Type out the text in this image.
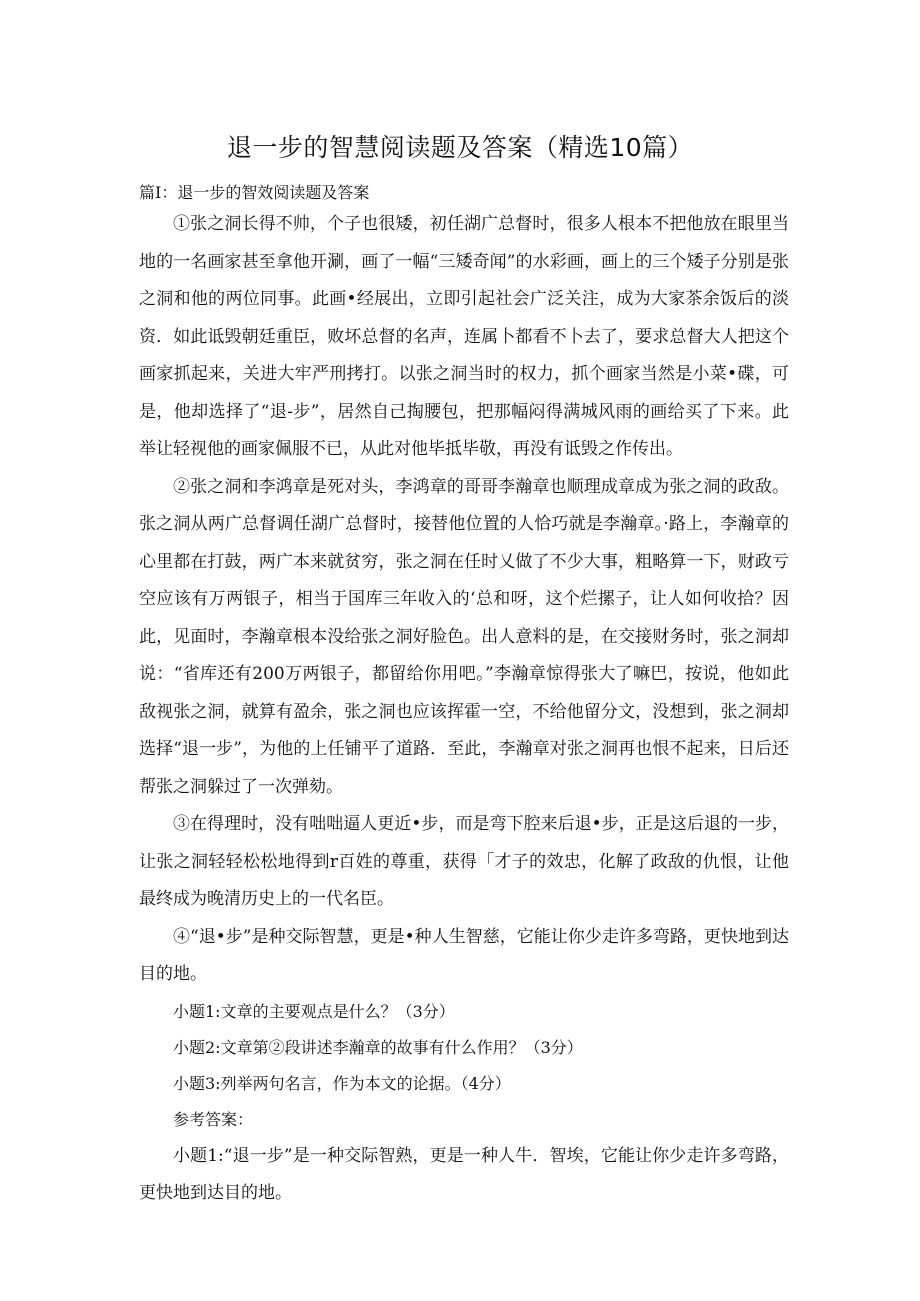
退一步的智慧阅读题及答案（精选10篇）
篇I：退一步的智效阅读题及答案

①张之洞长得不帅，个子也很矮，初任湖广总督时，很多人根本不把他放在眼里当地的一名画家甚至拿他开涮，画了一幅“三矮奇闻”的水彩画，画上的三个矮子分别是张之洞和他的两位同事。此画•经展出，立即引起社会广泛关注，成为大家茶余饭后的淡资．如此诋毁朝廷重臣，败坏总督的名声，连属卜都看不卜去了，要求总督大人把这个画家抓起来，关进大牢严刑拷打。以张之洞当时的权力，抓个画家当然是小菜•碟，可是，他却选择了“退-步”，居然自己掏腰包，把那幅闷得满城风雨的画给买了下来。此举让轻视他的画家佩服不已，从此对他毕抵毕敬，再没有诋毁之作传出。

②张之洞和李鸿章是死对头，李鸿章的哥哥李瀚章也顺理成章成为张之洞的政敌。张之洞从两广总督调任湖广总督时，接替他位置的人恰巧就是李瀚章。·路上，李瀚章的心里都在打鼓，两广本来就贫穷，张之洞在任时乂做了不少大事，粗略算一下，财政亏空应该有万两银子，相当于国库三年收入的‘总和呀，这个烂摞子，让人如何收拾？因此，见面时，李瀚章根本没给张之洞好脸色。出人意料的是，在交接财务时，张之洞却说：“省库还有200万两银子，都留给你用吧。”李瀚章惊得张大了嘛巴，按说，他如此敌视张之洞，就算有盈余，张之洞也应该挥霍一空，不给他留分文，没想到，张之洞却选择“退一步”，为他的上任铺平了道路．至此，李瀚章对张之洞再也恨不起来，日后还帮张之洞躲过了一次弹劾。

③在得理时，没有咄咄逼人更近•步，而是弯下腔来后退•步，正是这后退的一步，让张之洞轻轻松松地得到r百姓的尊重，获得「才子的效忠，化解了政敌的仇恨，让他最终成为晚清历史上的一代名臣。

④“退•步”是种交际智慧，更是•种人生智慈，它能让你少走许多弯路，更快地到达目的地。

小题1:文章的主要观点是什么？（3分）

小题2:文章第②段讲述李瀚章的故事有什么作用？（3分）

小题3:列举两句名言，作为本文的论据。（4分）

参考答案：

小题1:“退一步”是一种交际智熟，更是一种人牛．智埃，它能让你少走许多弯路，更快地到达目的地。
